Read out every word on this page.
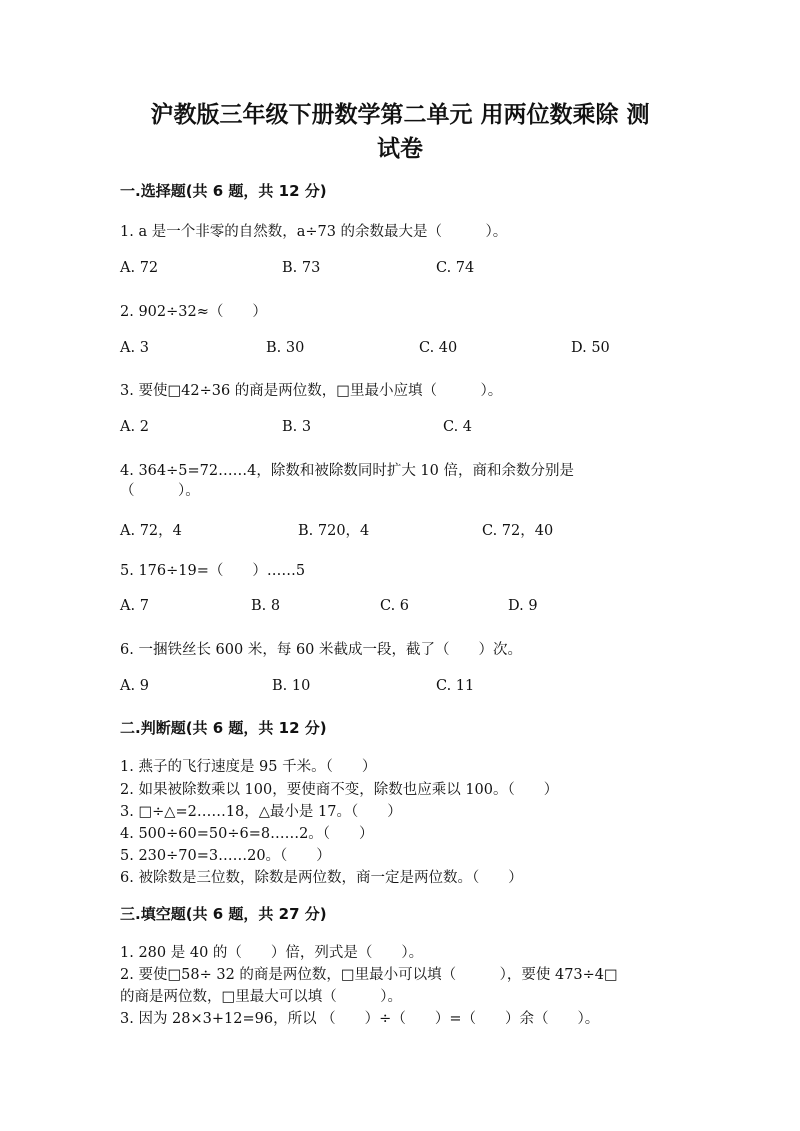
沪教版三年级下册数学第二单元 用两位数乘除 测
试卷
一.选择题(共 6 题，共 12 分)
1. a 是一个非零的自然数，a÷73 的余数最大是（　　　）。
A. 72	B. 73	C. 74
2. 902÷32≈（　　）
A. 3	B. 30	C. 40	D. 50
3. 要使□42÷36 的商是两位数，□里最小应填（　　　）。
A. 2	B. 3	C. 4
4. 364÷5=72……4，除数和被除数同时扩大 10 倍，商和余数分别是
（　　　）。
A. 72，4	B. 720，4	C. 72，40
5. 176÷19=（　　）……5
A. 7	B. 8	C. 6	D. 9
6. 一捆铁丝长 600 米，每 60 米截成一段，截了（　　）次。
A. 9	B. 10	C. 11
二.判断题(共 6 题，共 12 分)
1. 燕子的飞行速度是 95 千米。（　　）
2. 如果被除数乘以 100，要使商不变，除数也应乘以 100。（　　）
3. □÷△=2……18，△最小是 17。（　　）
4. 500÷60=50÷6=8……2。（　　）
5. 230÷70=3……20。（　　）
6. 被除数是三位数，除数是两位数，商一定是两位数。（　　）
三.填空题(共 6 题，共 27 分)
1. 280 是 40 的（　　）倍，列式是（　　）。
2. 要使□58÷ 32 的商是两位数，□里最小可以填（　　　），要使 473÷4□
的商是两位数，□里最大可以填（　　　）。
3. 因为 28×3+12=96，所以 （　　）÷（　　）=（　　）余（　　）。
